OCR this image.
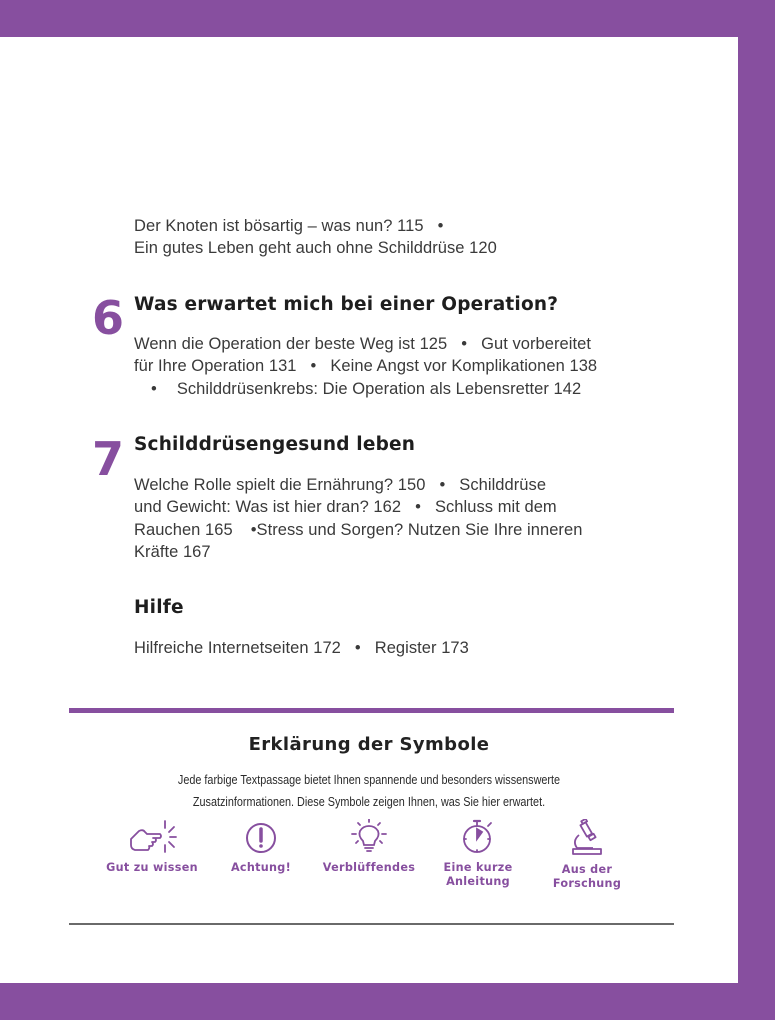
Der Knoten ist bösartig – was nun? 115 •
Ein gutes Leben geht auch ohne Schilddrüse 120
6 Was erwartet mich bei einer Operation?
Wenn die Operation der beste Weg ist 125 • Gut vorbereitet
für Ihre Operation 131 • Keine Angst vor Komplikationen 138
• Schilddrüsenkrebs: Die Operation als Lebensretter 142
7 Schilddrüsengesund leben
Welche Rolle spielt die Ernährung? 150 • Schilddrüse
und Gewicht: Was ist hier dran? 162 • Schluss mit dem
Rauchen 165 •Stress und Sorgen? Nutzen Sie Ihre inneren
Kräfte 167
Hilfe
Hilfreiche Internetseiten 172 • Register 173
Erklärung der Symbole
Jede farbige Textpassage bietet Ihnen spannende und besonders wissenswerte
Zusatzinformationen. Diese Symbole zeigen Ihnen, was Sie hier erwartet.
Gut zu wissen	Achtung!	Verblüffendes	Eine kurze
Anleitung
Aus der
Forschung
